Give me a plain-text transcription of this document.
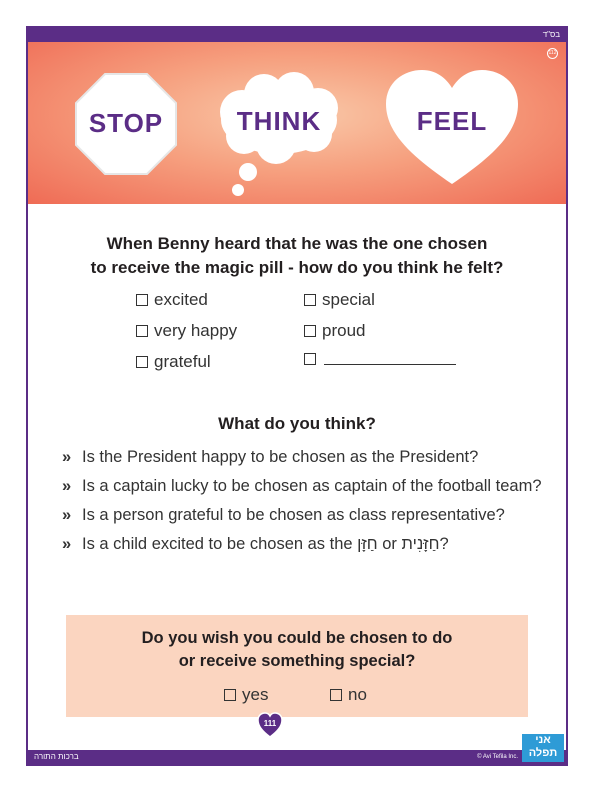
בס"ד
112
STOP	THINK	FEEL
When Benny heard that he was the one chosen
to receive the magic pill - how do you think he felt?
excited	special
very happy	proud
grateful
What do you think?
» Is the President happy to be chosen as the President?
» Is a captain lucky to be chosen as captain of the football team?
» Is a person grateful to be chosen as class representative?
» Is a child excited to be chosen as the חַזָּן or חַזָּנִית?
Do you wish you could be chosen to do
or receive something special?
yes	no
ברכות התורה	© Avi Tefila Inc.
אני
תפלה
111
